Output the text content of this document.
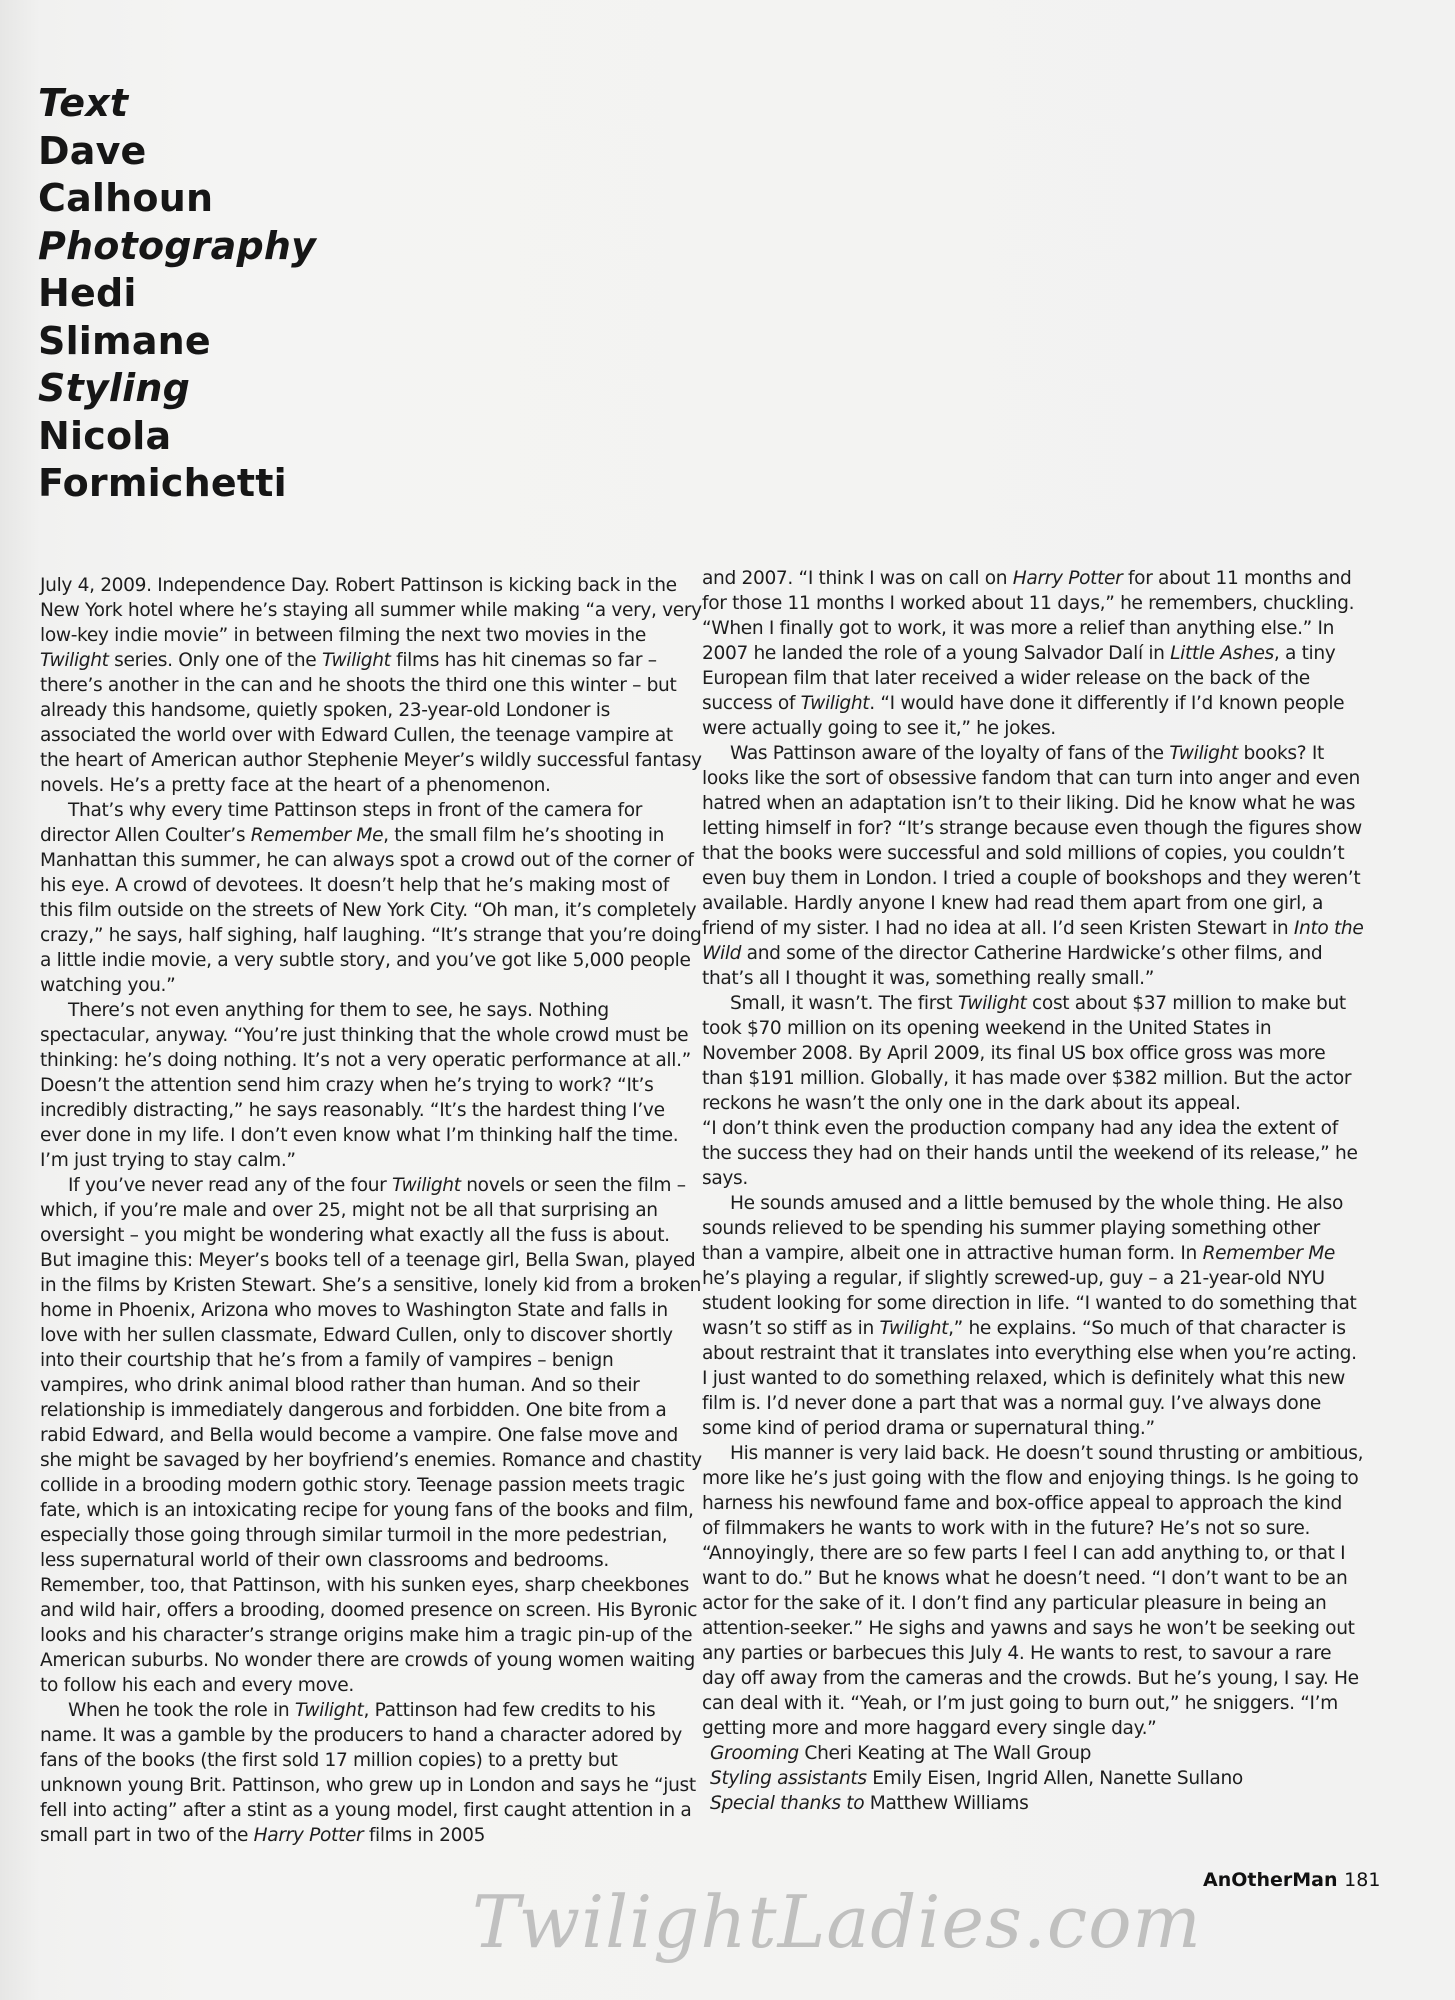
Text
Dave
Calhoun
Photography
Hedi
Slimane
Styling
Nicola
Formichetti

July 4, 2009. Independence Day. Robert Pattinson is kicking back in the New York hotel where he’s staying all summer while making “a very, very low-key indie movie” in between filming the next two movies in the Twilight series. Only one of the Twilight films has hit cinemas so far – there’s another in the can and he shoots the third one this winter – but already this handsome, quietly spoken, 23-year-old Londoner is associated the world over with Edward Cullen, the teenage vampire at the heart of American author Stephenie Meyer’s wildly successful fantasy novels. He’s a pretty face at the heart of a phenomenon.

That’s why every time Pattinson steps in front of the camera for director Allen Coulter’s Remember Me, the small film he’s shooting in Manhattan this summer, he can always spot a crowd out of the corner of his eye. A crowd of devotees. It doesn’t help that he’s making most of this film outside on the streets of New York City. “Oh man, it’s completely crazy,” he says, half sighing, half laughing. “It’s strange that you’re doing a little indie movie, a very subtle story, and you’ve got like 5,000 people watching you.”

There’s not even anything for them to see, he says. Nothing spectacular, anyway. “You’re just thinking that the whole crowd must be thinking: he’s doing nothing. It’s not a very operatic performance at all.” Doesn’t the attention send him crazy when he’s trying to work? “It’s incredibly distracting,” he says reasonably. “It’s the hardest thing I’ve ever done in my life. I don’t even know what I’m thinking half the time. I’m just trying to stay calm.”

If you’ve never read any of the four Twilight novels or seen the film – which, if you’re male and over 25, might not be all that surprising an oversight – you might be wondering what exactly all the fuss is about. But imagine this: Meyer’s books tell of a teenage girl, Bella Swan, played in the films by Kristen Stewart. She’s a sensitive, lonely kid from a broken home in Phoenix, Arizona who moves to Washington State and falls in love with her sullen classmate, Edward Cullen, only to discover shortly into their courtship that he’s from a family of vampires – benign vampires, who drink animal blood rather than human. And so their relationship is immediately dangerous and forbidden. One bite from a rabid Edward, and Bella would become a vampire. One false move and she might be savaged by her boyfriend’s enemies. Romance and chastity collide in a brooding modern gothic story. Teenage passion meets tragic fate, which is an intoxicating recipe for young fans of the books and film, especially those going through similar turmoil in the more pedestrian, less supernatural world of their own classrooms and bedrooms. Remember, too, that Pattinson, with his sunken eyes, sharp cheekbones and wild hair, offers a brooding, doomed presence on screen. His Byronic looks and his character’s strange origins make him a tragic pin-up of the American suburbs. No wonder there are crowds of young women waiting to follow his each and every move.

When he took the role in Twilight, Pattinson had few credits to his name. It was a gamble by the producers to hand a character adored by fans of the books (the first sold 17 million copies) to a pretty but unknown young Brit. Pattinson, who grew up in London and says he “just fell into acting” after a stint as a young model, first caught attention in a small part in two of the Harry Potter films in 2005

and 2007. “I think I was on call on Harry Potter for about 11 months and for those 11 months I worked about 11 days,” he remembers, chuckling. “When I finally got to work, it was more a relief than anything else.” In 2007 he landed the role of a young Salvador Dalí in Little Ashes, a tiny European film that later received a wider release on the back of the success of Twilight. “I would have done it differently if I’d known people were actually going to see it,” he jokes.

Was Pattinson aware of the loyalty of fans of the Twilight books? It looks like the sort of obsessive fandom that can turn into anger and even hatred when an adaptation isn’t to their liking. Did he know what he was letting himself in for? “It’s strange because even though the figures show that the books were successful and sold millions of copies, you couldn’t even buy them in London. I tried a couple of bookshops and they weren’t available. Hardly anyone I knew had read them apart from one girl, a friend of my sister. I had no idea at all. I’d seen Kristen Stewart in Into the Wild and some of the director Catherine Hardwicke’s other films, and that’s all I thought it was, something really small.”

Small, it wasn’t. The first Twilight cost about $37 million to make but took $70 million on its opening weekend in the United States in November 2008. By April 2009, its final US box office gross was more than $191 million. Globally, it has made over $382 million. But the actor reckons he wasn’t the only one in the dark about its appeal.

“I don’t think even the production company had any idea the extent of the success they had on their hands until the weekend of its release,” he says.

He sounds amused and a little bemused by the whole thing. He also sounds relieved to be spending his summer playing something other than a vampire, albeit one in attractive human form. In Remember Me he’s playing a regular, if slightly screwed-up, guy – a 21-year-old NYU student looking for some direction in life. “I wanted to do something that wasn’t so stiff as in Twilight,” he explains. “So much of that character is about restraint that it translates into everything else when you’re acting. I just wanted to do something relaxed, which is definitely what this new film is. I’d never done a part that was a normal guy. I’ve always done some kind of period drama or supernatural thing.”

His manner is very laid back. He doesn’t sound thrusting or ambitious, more like he’s just going with the flow and enjoying things. Is he going to harness his newfound fame and box-office appeal to approach the kind of filmmakers he wants to work with in the future? He’s not so sure. “Annoyingly, there are so few parts I feel I can add anything to, or that I want to do.” But he knows what he doesn’t need. “I don’t want to be an actor for the sake of it. I don’t find any particular pleasure in being an attention-seeker.” He sighs and yawns and says he won’t be seeking out any parties or barbecues this July 4. He wants to rest, to savour a rare day off away from the cameras and the crowds. But he’s young, I say. He can deal with it. “Yeah, or I’m just going to burn out,” he sniggers. “I’m getting more and more haggard every single day.”

Grooming Cheri Keating at The Wall Group

Styling assistants Emily Eisen, Ingrid Allen, Nanette Sullano

Special thanks to Matthew Williams

TwilightLadies.com AnOtherMan 181
